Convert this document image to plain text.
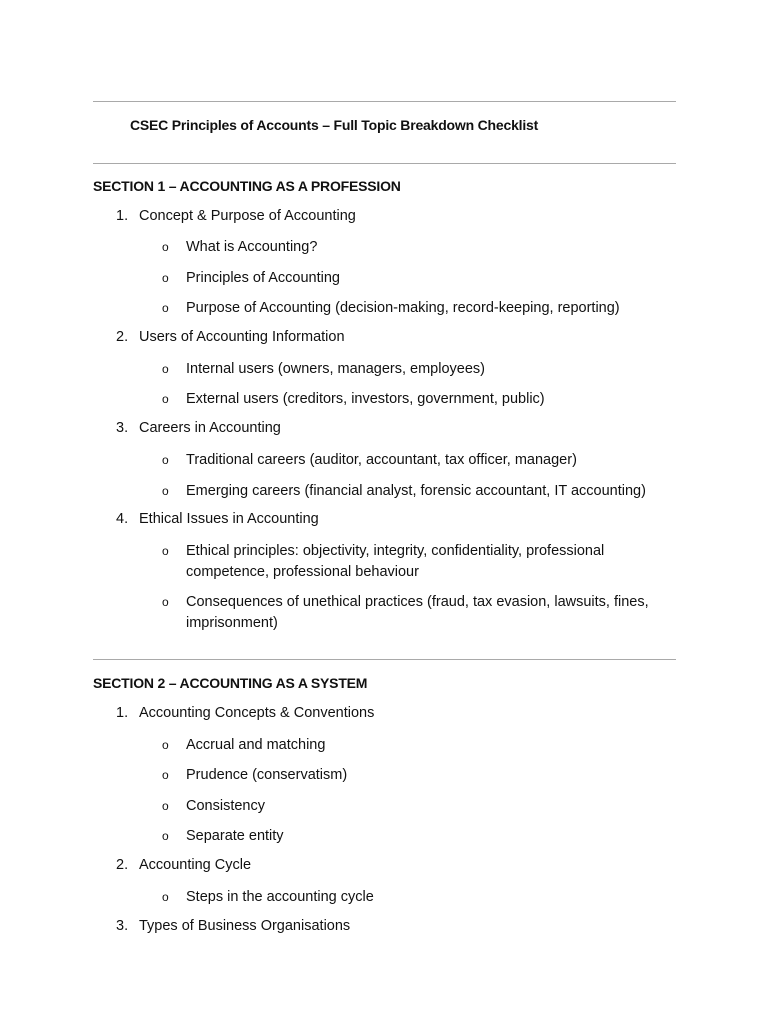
CSEC Principles of Accounts – Full Topic Breakdown Checklist
SECTION 1 – ACCOUNTING AS A PROFESSION
1. Concept & Purpose of Accounting
o What is Accounting?
o Principles of Accounting
o Purpose of Accounting (decision-making, record-keeping, reporting)
2. Users of Accounting Information
o Internal users (owners, managers, employees)
o External users (creditors, investors, government, public)
3. Careers in Accounting
o Traditional careers (auditor, accountant, tax officer, manager)
o Emerging careers (financial analyst, forensic accountant, IT accounting)
4. Ethical Issues in Accounting
o Ethical principles: objectivity, integrity, confidentiality, professional competence, professional behaviour
o Consequences of unethical practices (fraud, tax evasion, lawsuits, fines, imprisonment)
SECTION 2 – ACCOUNTING AS A SYSTEM
1. Accounting Concepts & Conventions
o Accrual and matching
o Prudence (conservatism)
o Consistency
o Separate entity
2. Accounting Cycle
o Steps in the accounting cycle
3. Types of Business Organisations
